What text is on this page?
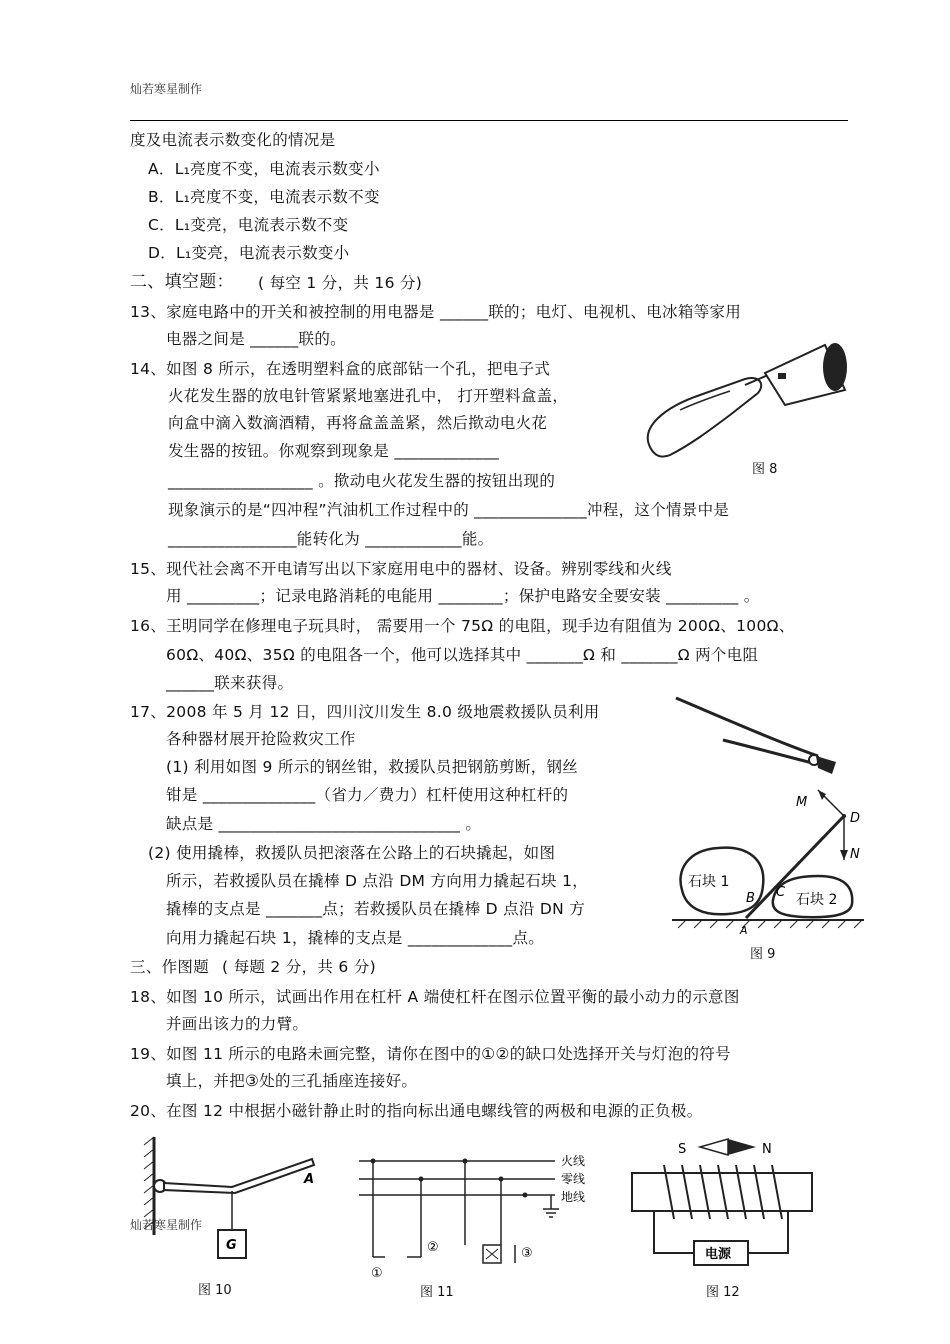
灿若寒星制作
度及电流表示数变化的情况是
A．L₁亮度不变，电流表示数变小
B．L₁亮度不变，电流表示数不变
C．L₁变亮，电流表示数不变
D．L₁变亮，电流表示数变小
二、填空题： ( 每空 1 分，共 16 分)
13、家庭电路中的开关和被控制的用电器是 ______联的；电灯、电视机、电冰箱等家用
电器之间是 ______联的。
14、如图 8 所示，在透明塑料盒的底部钻一个孔，把电子式
火花发生器的放电针管紧紧地塞进孔中， 打开塑料盒盖，
向盒中滴入数滴酒精，再将盒盖盖紧，然后揿动电火花
发生器的按钮。你观察到现象是 _____________
__________________ 。揿动电火花发生器的按钮出现的
现象演示的是“四冲程”汽油机工作过程中的 ______________冲程，这个情景中是
________________能转化为 ____________能。
图 8
15、现代社会离不开电请写出以下家庭用电中的器材、设备。辨别零线和火线
用 _________；记录电路消耗的电能用 ________；保护电路安全要安装 _________ 。
16、王明同学在修理电子玩具时， 需要用一个 75Ω 的电阻，现手边有阻值为 200Ω、100Ω、
60Ω、40Ω、35Ω 的电阻各一个，他可以选择其中 _______Ω 和 _______Ω 两个电阻
______联来获得。
17、2008 年 5 月 12 日，四川汶川发生 8.0 级地震救援队员利用
各种器材展开抢险救灾工作
(1) 利用如图 9 所示的钢丝钳，救援队员把钢筋剪断，钢丝
钳是 ______________（省力／费力）杠杆使用这种杠杆的
缺点是 ______________________________ 。
(2) 使用撬棒，救援队员把滚落在公路上的石块撬起，如图
所示，若救援队员在撬棒 D 点沿 DM 方向用力撬起石块 1，
撬棒的支点是 _______点；若救援队员在撬棒 D 点沿 DN 方
向用力撬起石块 1，撬棒的支点是 _____________点。
石块 1
石块 2
M
D
N
B C
A
图 9
三、作图题 ( 每题 2 分，共 6 分)
18、如图 10 所示，试画出作用在杠杆 A 端使杠杆在图示位置平衡的最小动力的示意图
并画出该力的力臂。
19、如图 11 所示的电路未画完整，请你在图中的①②的缺口处选择开关与灯泡的符号
填上，并把③处的三孔插座连接好。
20、在图 12 中根据小磁针静止时的指向标出通电螺线管的两极和电源的正负极。
G
A
图 10
灿若寒星制作
火线
零线
地线
①
②	③
图 11
S	N
电源
图 12
